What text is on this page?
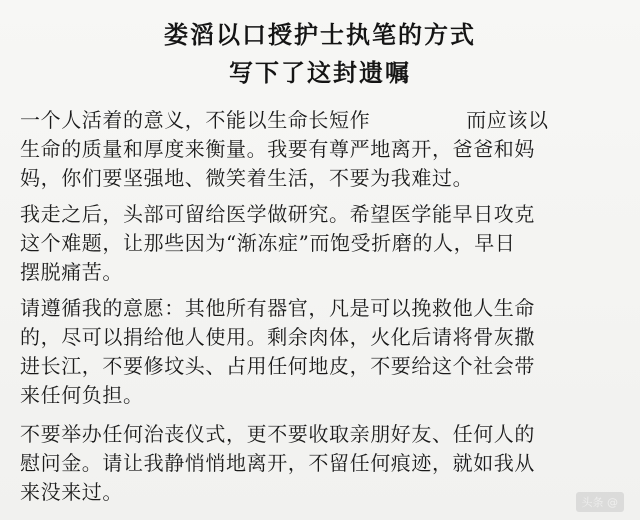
娄滔以口授护士执笔的方式
写下了这封遗嘱
一个人活着的意义，不能以生命长短作	而应该以
生命的质量和厚度来衡量。我要有尊严地离开，爸爸和妈
妈，你们要坚强地、微笑着生活，不要为我难过。
我走之后，头部可留给医学做研究。希望医学能早日攻克
这个难题，让那些因为“渐冻症”而饱受折磨的人，早日
摆脱痛苦。
请遵循我的意愿：其他所有器官，凡是可以挽救他人生命
的，尽可以捐给他人使用。剩余肉体，火化后请将骨灰撒
进长江，不要修坟头、占用任何地皮，不要给这个社会带
来任何负担。
不要举办任何治丧仪式，更不要收取亲朋好友、任何人的
慰问金。请让我静悄悄地离开，不留任何痕迹，就如我从
来没来过。	头条 @
